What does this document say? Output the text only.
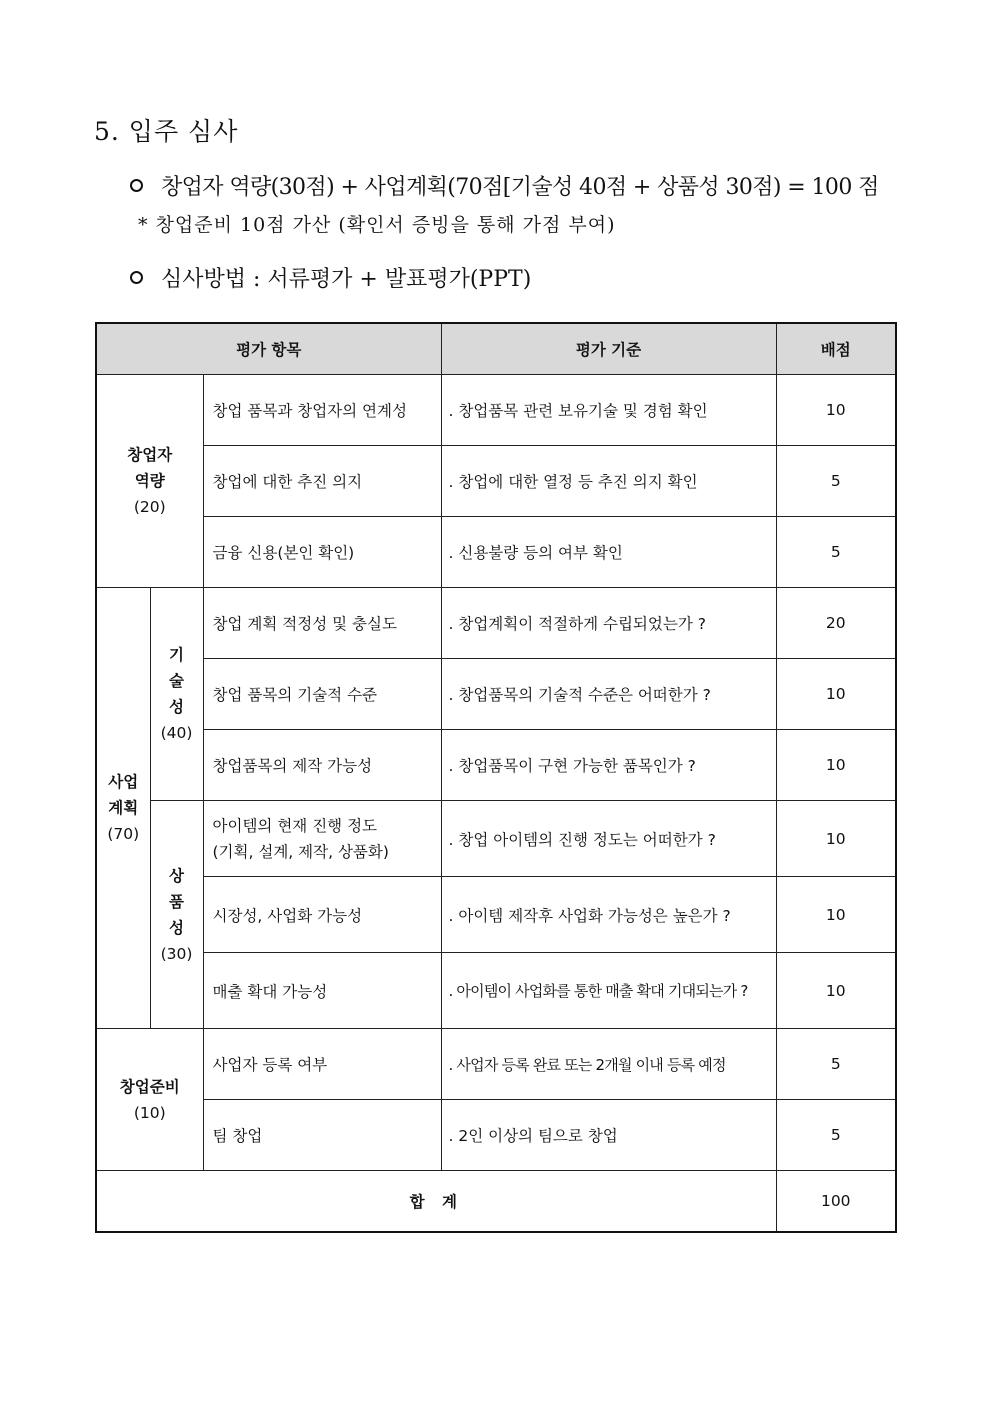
5. 입주 심사
창업자 역량(30점) + 사업계획(70점[기술성 40점 + 상품성 30점) = 100 점
* 창업준비 10점 가산 (확인서 증빙을 통해 가점 부여)
심사방법 : 서류평가 + 발표평가(PPT)
평가 항목			평가 기준	배점

창업자
역량
(20)		창업 품목과 창업자의 연계성	. 창업품목 관련 보유기술 및 경험 확인	10
		창업에 대한 추진 의지	. 창업에 대한 열정 등 추진 의지 확인	5
		금융 신용(본인 확인)	. 신용불량 등의 여부 확인	5

사업
계획
(70)	기
술
성
(40)	창업 계획 적정성 및 충실도	. 창업계획이 적절하게 수립되었는가 ?	20
		창업 품목의 기술적 수준	. 창업품목의 기술적 수준은 어떠한가 ?	10
		창업품목의 제작 가능성	. 창업품목이 구현 가능한 품목인가 ?	10

	상
품
성
(30)	아이템의 현재 진행 정도
(기획, 설계, 제작, 상품화)	. 창업 아이템의 진행 정도는 어떠한가 ?	10
		시장성, 사업화 가능성	. 아이템 제작후 사업화 가능성은 높은가 ?	10
		매출 확대 가능성	. 아이템이 사업화를 통한 매출 확대 기대되는가 ?	10

창업준비
(10)		사업자 등록 여부	. 사업자 등록 완료 또는 2개월 이내 등록 예정	5
		팀 창업	. 2인 이상의 팀으로 창업	5
합 계				100
